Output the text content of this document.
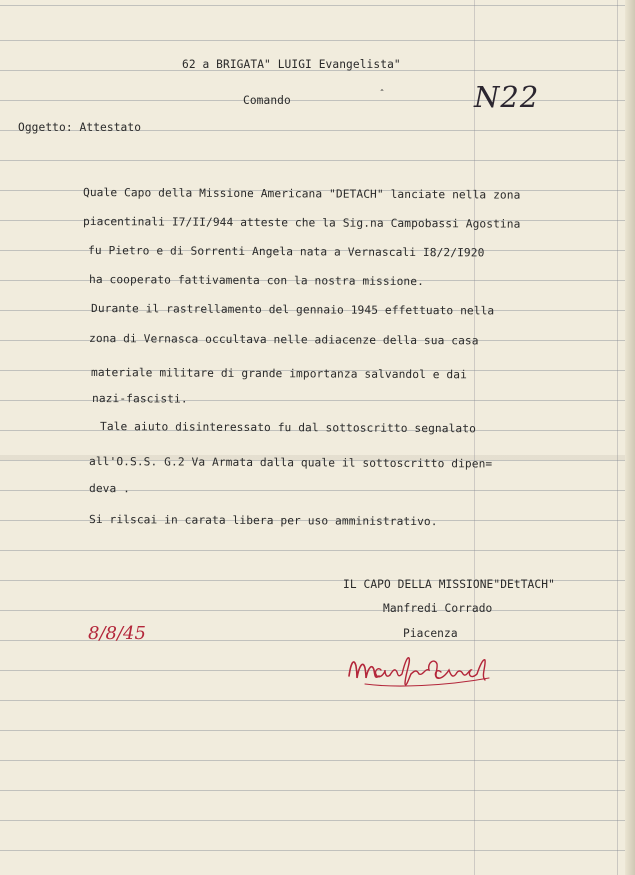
62 a BRIGATA" LUIGI Evangelista"
Comando	ˆ	N22
Oggetto: Attestato
Quale Capo della Missione Americana "DETACH" lanciate nella zona
piacentinali I7/II/944 atteste che la Sig.na Campobassi Agostina
fu Pietro e di Sorrenti Angela nata a Vernascali I8/2/I920
ha cooperato fattivamenta con la nostra missione.
Durante il rastrellamento del gennaio 1945 effettuato nella
zona di Vernasca occultava nelle adiacenze della sua casa
materiale militare di grande importanza salvandol e dai
nazi-fascisti.
Tale aiuto disinteressato fu dal sottoscritto segnalato
all'O.S.S. G.2 Va Armata dalla quale il sottoscritto dipen=
deva .
Si rilscai in carata libera per uso amministrativo.
IL CAPO DELLA MISSIONE"DEtTACH"
Manfredi Corrado
Piacenza
8/8/45
